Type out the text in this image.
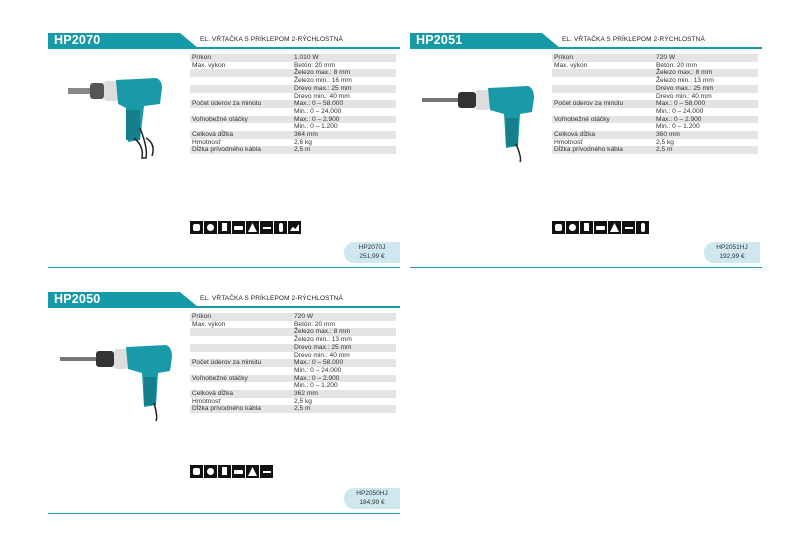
HP2070	EL. VŔTAČKA S PRÍKLEPOM 2-RÝCHLOSTNÁ
Príkon	1.010 W
Max. výkon	Betón: 20 mm
	Železo max.: 8 mm
	Železo min.: 16 mm
	Drevo max.: 25 mm
	Drevo min.: 40 mm
Počet úderov za minútu	Max.: 0 – 58.000
	Min.: 0 – 24.000
Voľnobežné otáčky	Max.: 0 – 2.900
	Min.: 0 – 1.200
Celková dĺžka	364 mm
Hmotnosť	2,6 kg
Dĺžka prívodného kábla	2,5 m
HP2070J
251,99 €
HP2051	EL. VŔTAČKA S PRÍKLEPOM 2-RÝCHLOSTNÁ
Príkon	720 W
Max. výkon	Betón: 20 mm
	Železo max.: 8 mm
	Železo min.: 13 mm
	Drevo max.: 25 mm
	Drevo min.: 40 mm
Počet úderov za minútu	Max.: 0 – 58.000
	Min.: 0 – 24.000
Voľnobežné otáčky	Max.: 0 – 2.900
	Min.: 0 – 1.200
Celková dĺžka	360 mm
Hmotnosť	2,5 kg
Dĺžka prívodného kábla	2,5 m
HP2051HJ
192,99 €
HP2050	EL. VŔTAČKA S PRÍKLEPOM 2-RÝCHLOSTNÁ
Príkon	720 W
Max. výkon	Betón: 20 mm
	Železo max.: 8 mm
	Železo min.: 13 mm
	Drevo max.: 25 mm
	Drevo min.: 40 mm
Počet úderov za minútu	Max.: 0 – 58.000
	Min.: 0 – 24.000
Voľnobežné otáčky	Max.: 0 – 2.900
	Min.: 0 – 1.200
Celková dĺžka	362 mm
Hmotnosť	2,5 kg
Dĺžka prívodného kábla	2,5 m
HP2050HJ
184,99 €
